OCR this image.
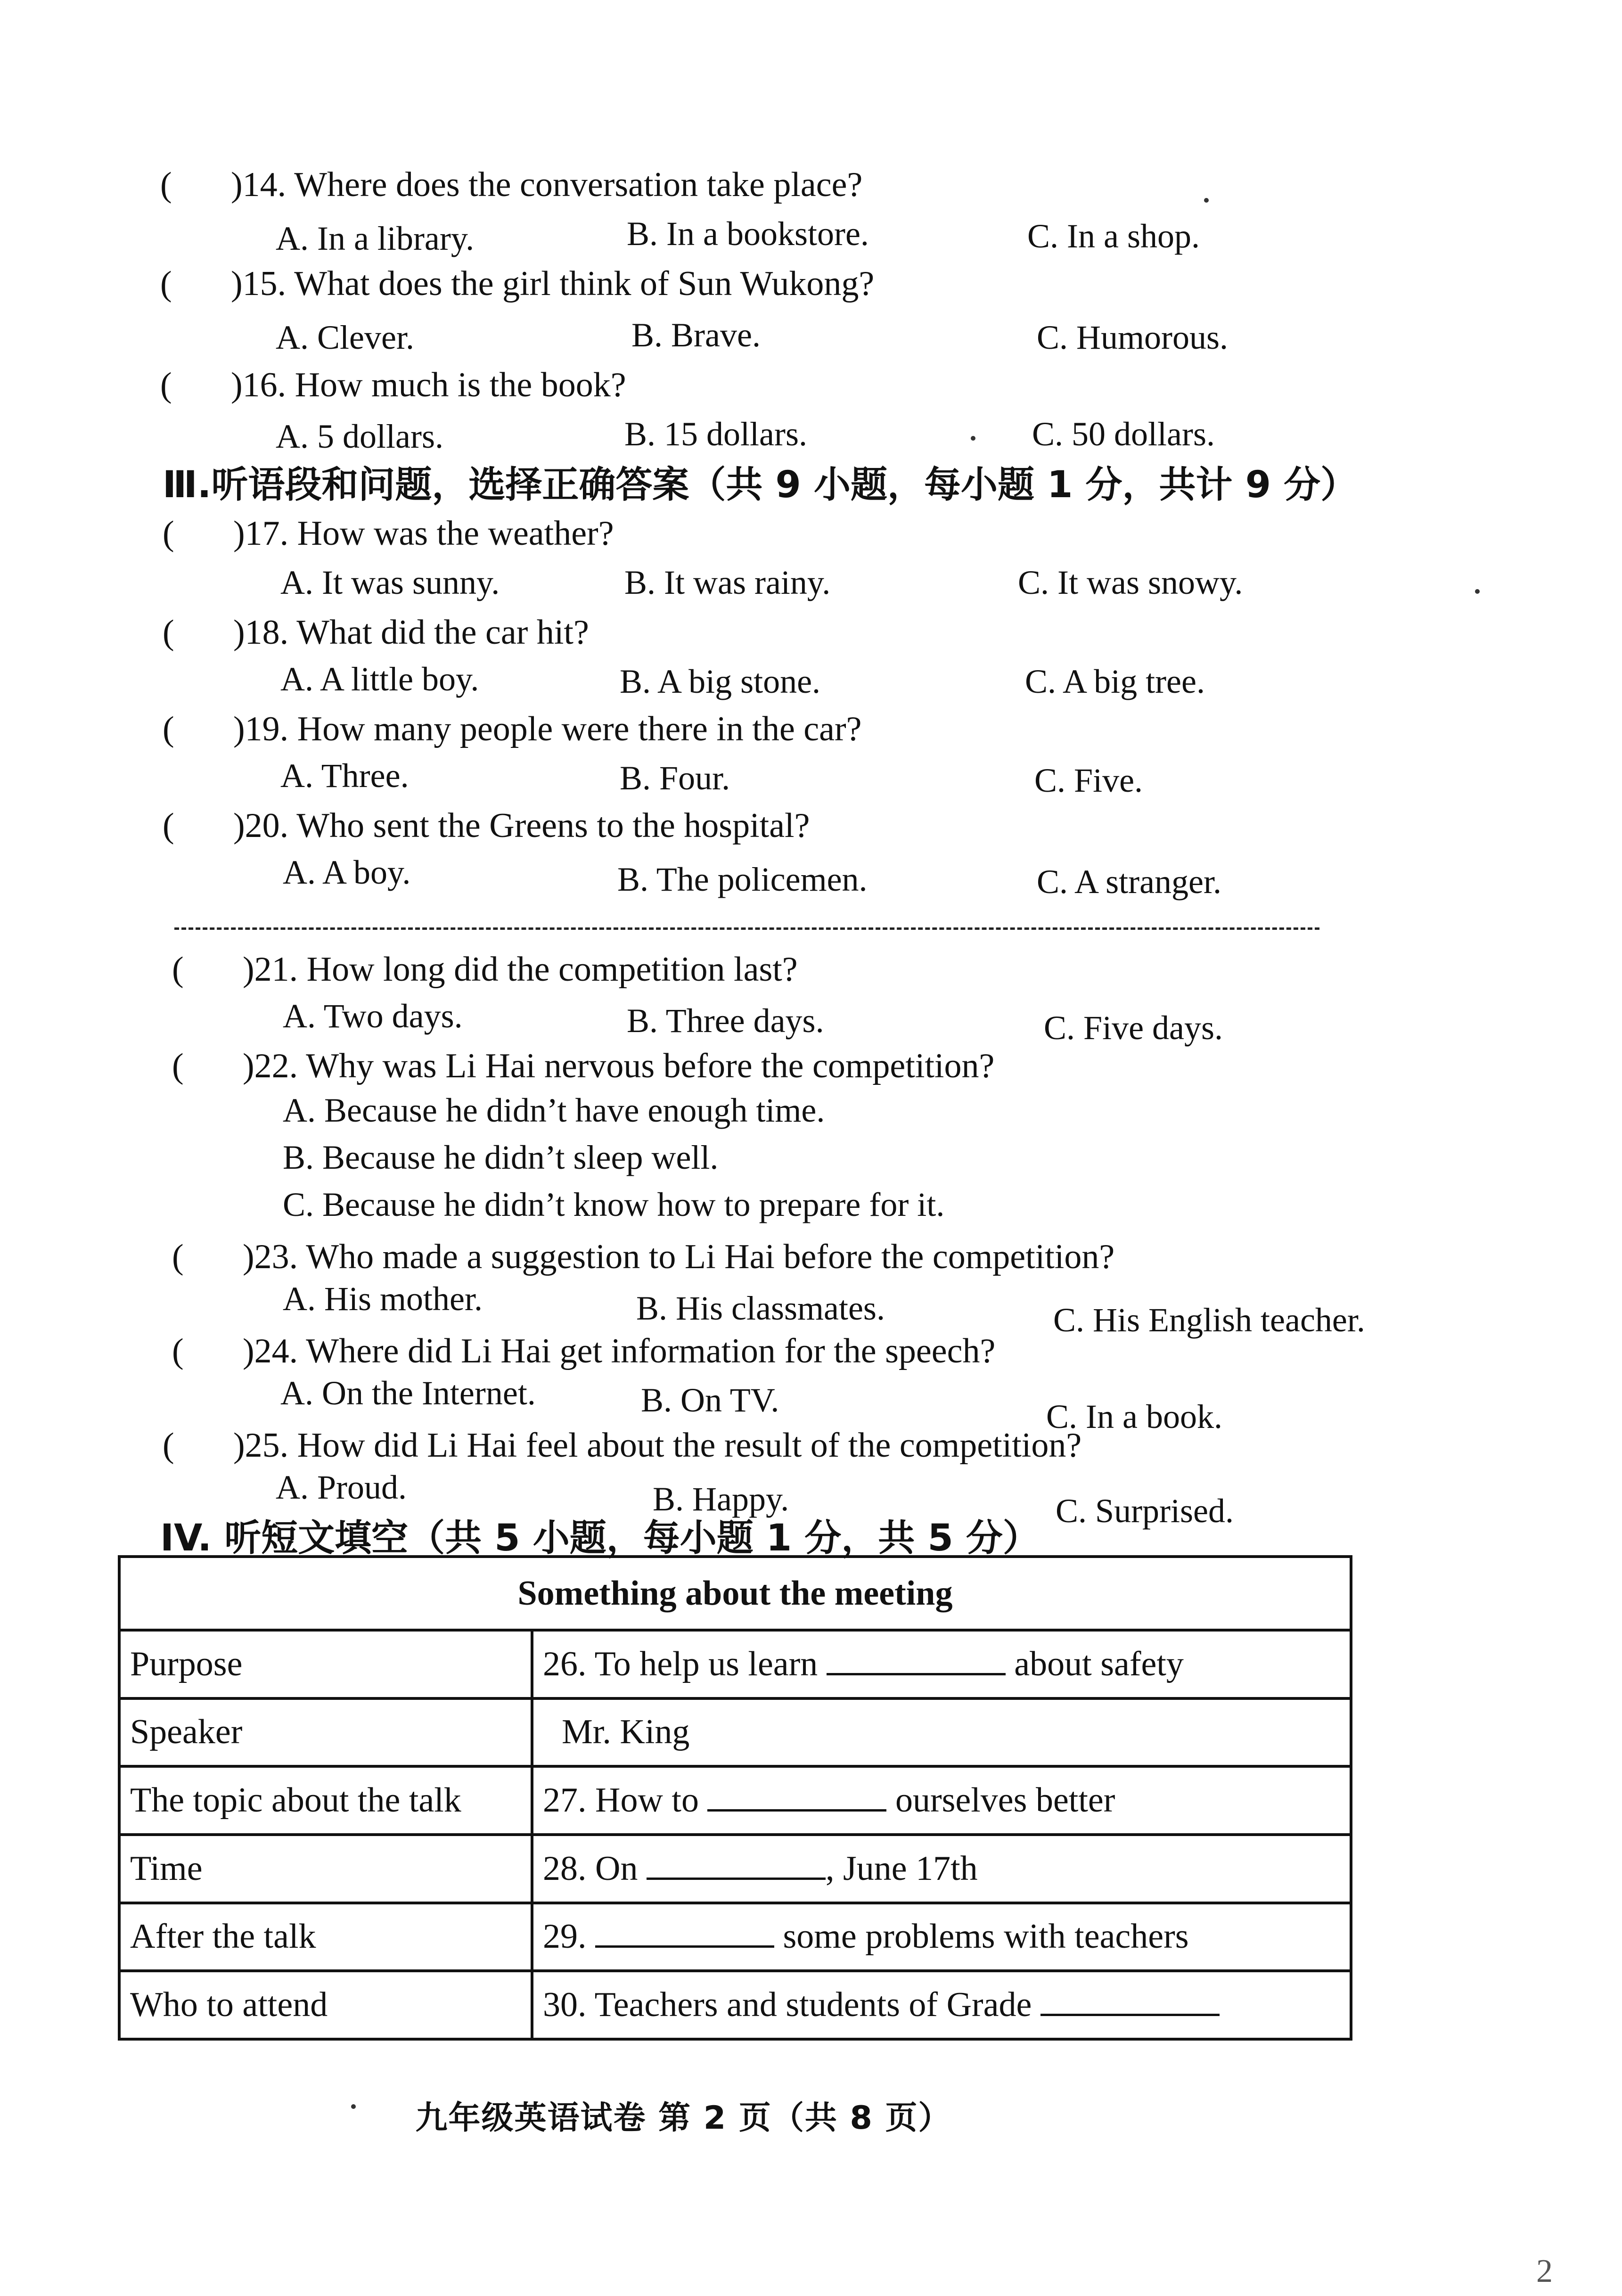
( )14. Where does the conversation take place?
A. In a library.	B. In a bookstore.	C. In a shop.
( )15. What does the girl think of Sun Wukong?
A. Clever.	B. Brave.	C. Humorous.
( )16. How much is the book?
A. 5 dollars.	B. 15 dollars.	C. 50 dollars.
Ⅲ.听语段和问题，选择正确答案（共 9 小题，每小题 1 分，共计 9 分）
( )17. How was the weather?
A. It was sunny.	B. It was rainy.	C. It was snowy.
( )18. What did the car hit?
A. A little boy.	B. A big stone.	C. A big tree.
( )19. How many people were there in the car?
A. Three.	B. Four.	C. Five.
( )20. Who sent the Greens to the hospital?
A. A boy.	B. The policemen.	C. A stranger.
( )21. How long did the competition last?
A. Two days.	B. Three days.	C. Five days.
( )22. Why was Li Hai nervous before the competition?
A. Because he didn’t have enough time.
B. Because he didn’t sleep well.
C. Because he didn’t know how to prepare for it.
( )23. Who made a suggestion to Li Hai before the competition?
A. His mother.	B. His classmates.	C. His English teacher.
( )24. Where did Li Hai get information for the speech?
A. On the Internet.	B. On TV.	C. In a book.
( )25. How did Li Hai feel about the result of the competition?
A. Proud.	B. Happy.	C. Surprised.
IV. 听短文填空（共 5 小题，每小题 1 分，共 5 分）
Something about the meeting	
Purpose	26. To help us learn about safety
Speaker	Mr. King
The topic about the talk	27. How to ourselves better
Time	28. On , June 17th
After the talk	29. some problems with teachers
Who to attend	30. Teachers and students of Grade
九年级英语试卷 第 2 页（共 8 页）
2
